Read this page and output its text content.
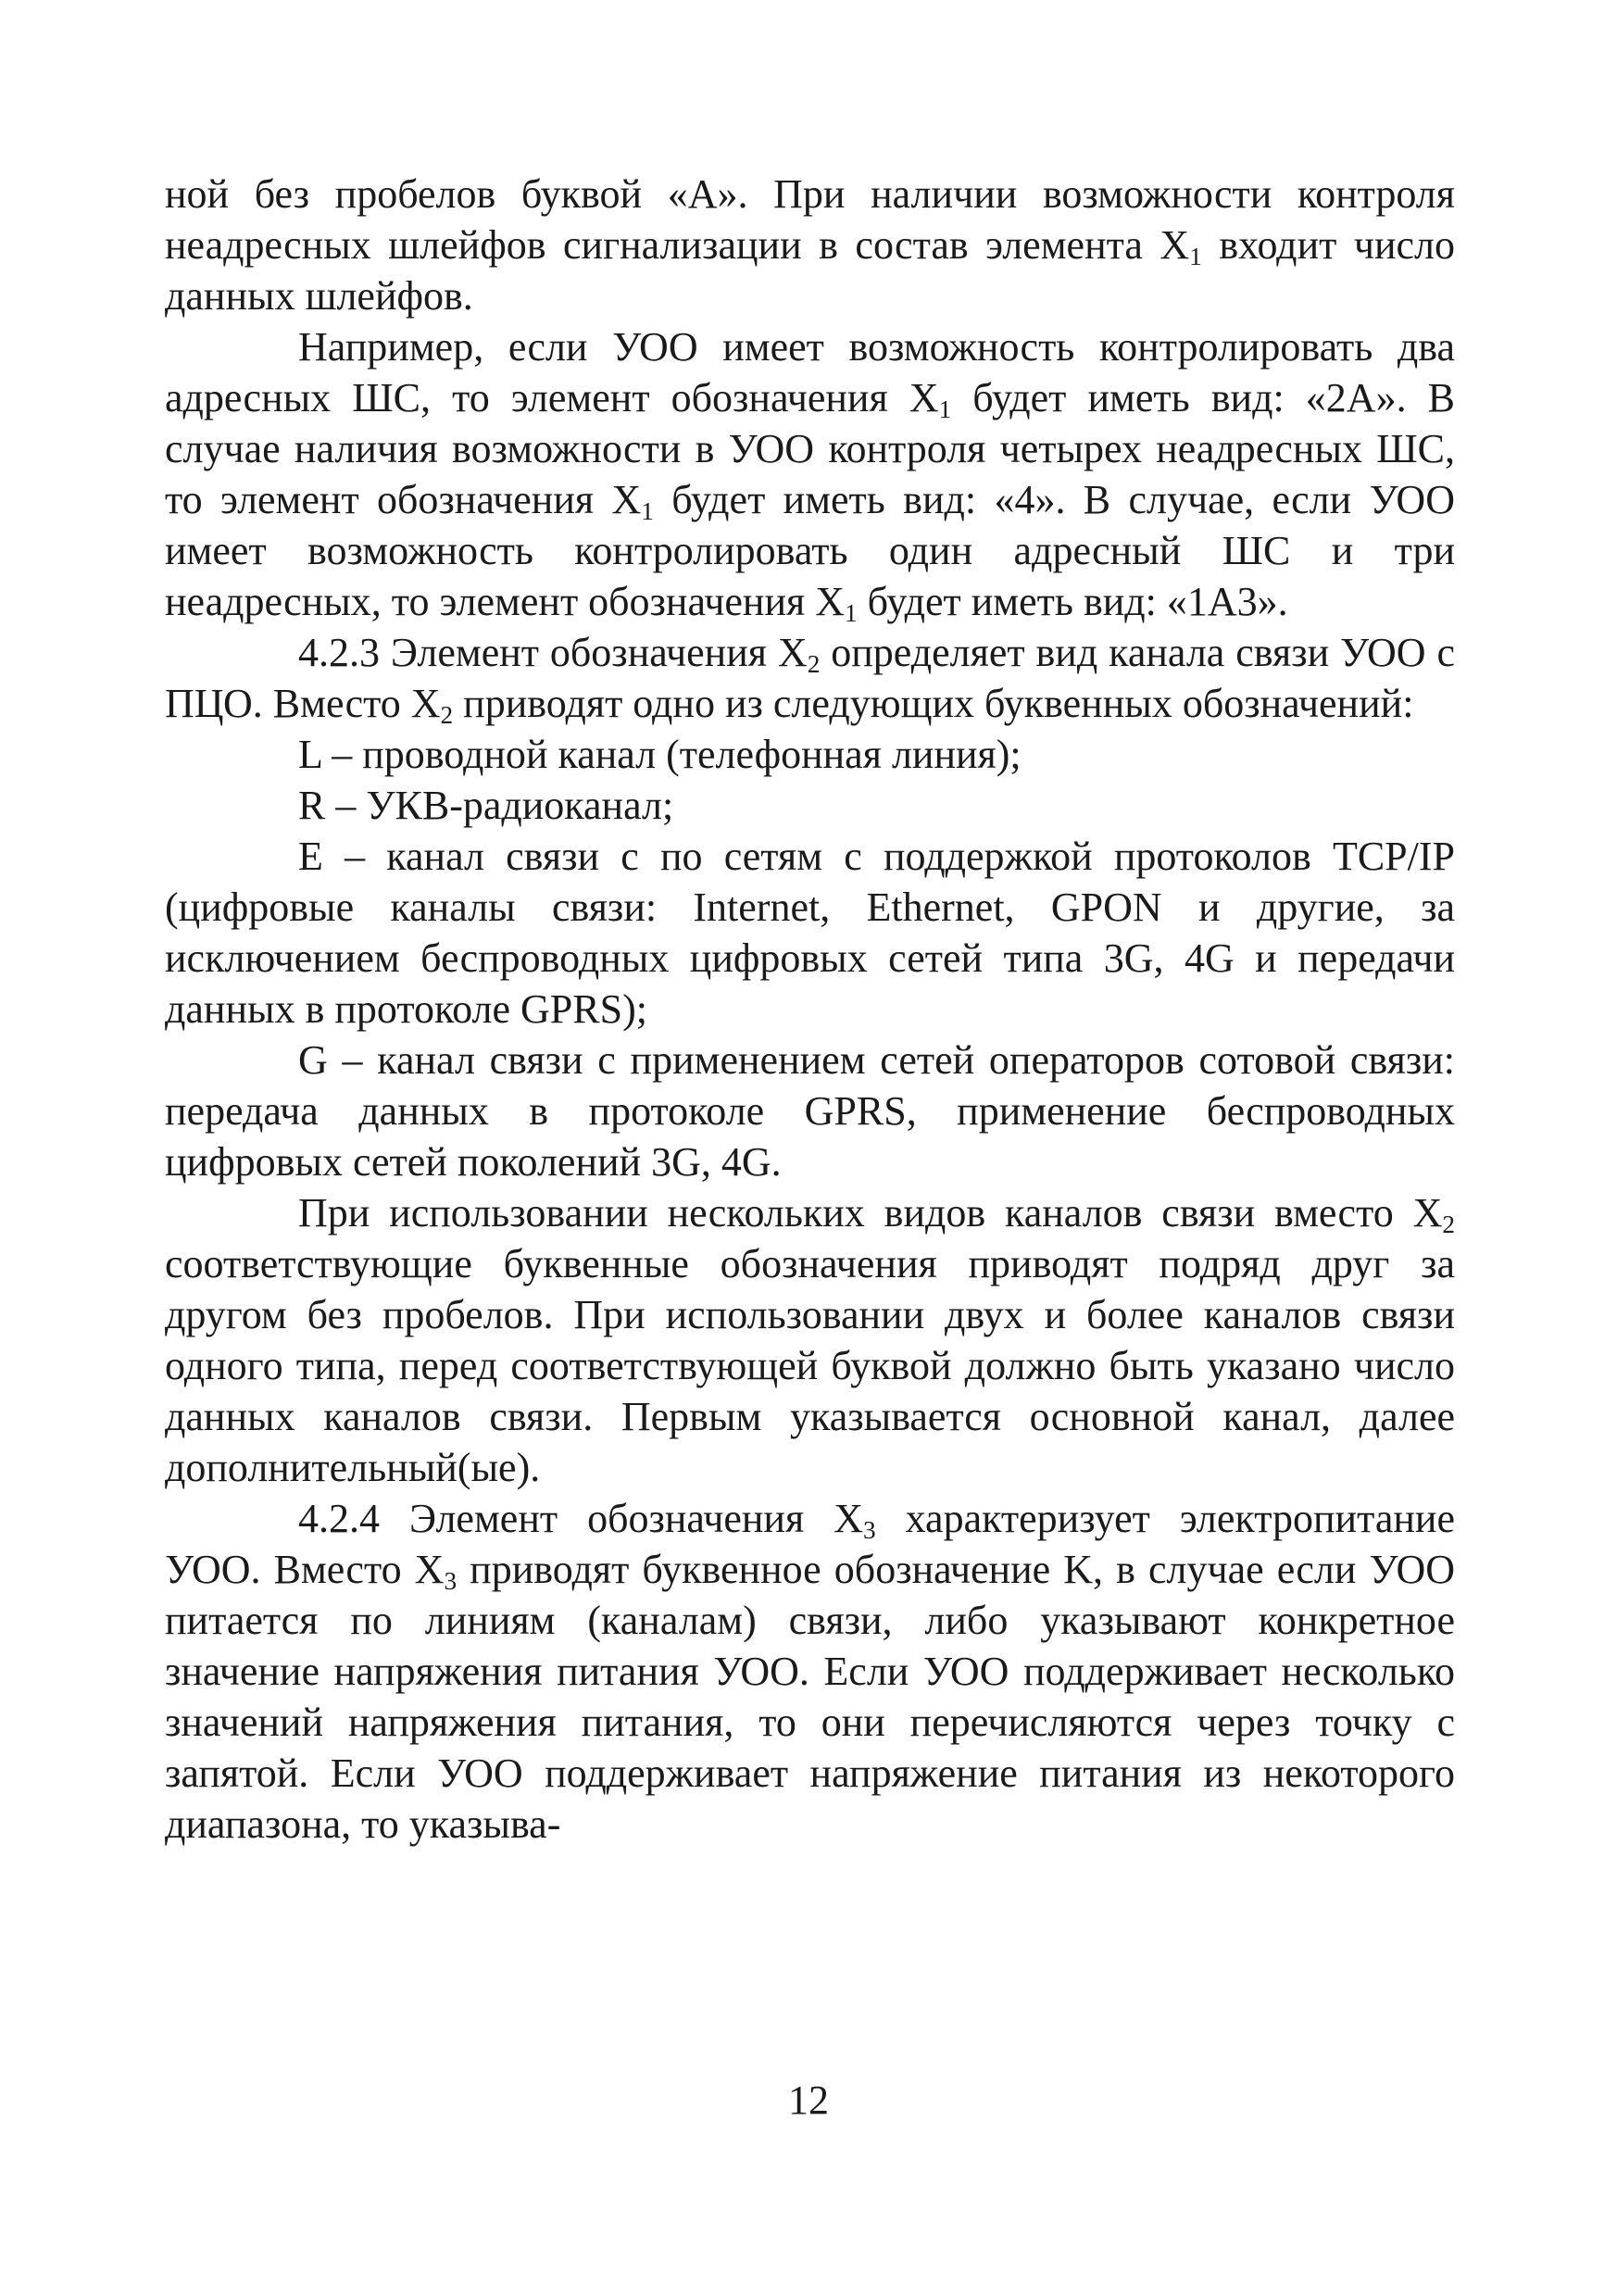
ной без пробелов буквой «А». При наличии возможности контроля неадресных шлейфов сигнализации в состав элемента $X_1$ входит число данных шлейфов.

Например, если УОО имеет возможность контролировать два адресных ШС, то элемент обозначения $X_1$ будет иметь вид: «2А». В случае наличия возможности в УОО контроля четырех неадресных ШС, то элемент обозначения $X_1$ будет иметь вид: «4». В случае, если УОО имеет возможность контролировать один адресный ШС и три неадресных, то элемент обозначения $X_1$ будет иметь вид: «1А3».

4.2.3 Элемент обозначения $X_2$ определяет вид канала связи УОО с ПЦО. Вместо $X_2$ приводят одно из следующих буквенных обозначений:

L – проводной канал (телефонная линия);

R – УКВ-радиоканал;

E – канал связи с по сетям с поддержкой протоколов TCP/IP (цифровые каналы связи: Internet, Ethernet, GPON и другие, за исключением беспроводных цифровых сетей типа 3G, 4G и передачи данных в протоколе GPRS);

G – канал связи с применением сетей операторов сотовой связи: передача данных в протоколе GPRS, применение беспроводных цифровых сетей поколений 3G, 4G.

При использовании нескольких видов каналов связи вместо $X_2$ соответствующие буквенные обозначения приводят подряд друг за другом без пробелов. При использовании двух и более каналов связи одного типа, перед соответствующей буквой должно быть указано число данных каналов связи. Первым указывается основной канал, далее дополнительный(ые).

4.2.4 Элемент обозначения $X_3$ характеризует электропитание УОО. Вместо $X_3$ приводят буквенное обозначение K, в случае если УОО питается по линиям (каналам) связи, либо указывают конкретное значение напряжения питания УОО. Если УОО поддерживает несколько значений напряжения питания, то они перечисляются через точку с запятой. Если УОО поддерживает напряжение питания из некоторого диапазона, то указыва-

12
